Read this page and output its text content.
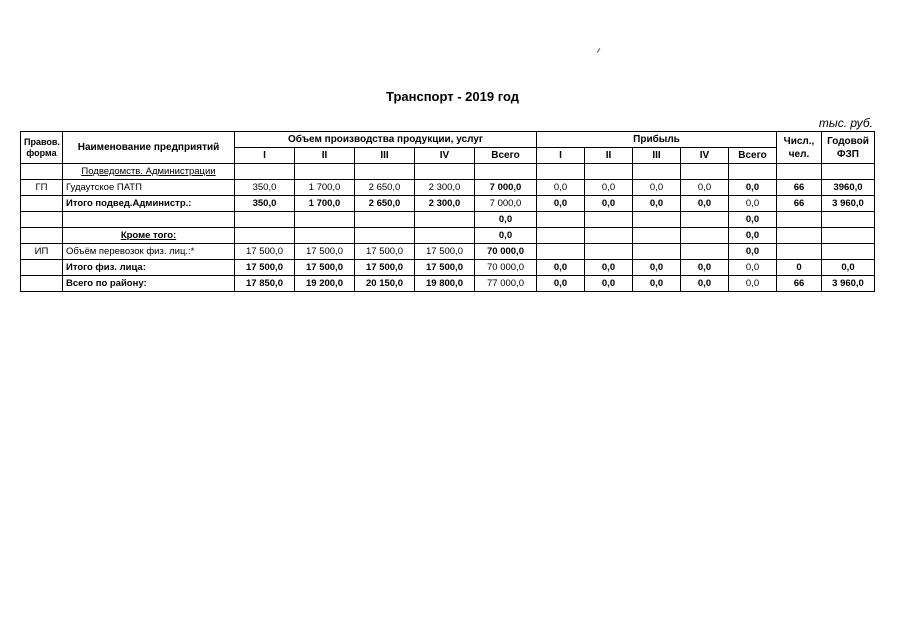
Транспорт - 2019 год
тыс. руб.
Правов. форма	Наименование предприятий	Объем производства продукции, услуг					Прибыль					Числ., чел.	Годовой ФЗП
		I	II	III	IV	Всего	I	II	III	IV	Всего		
	Подведомств. Администрации												
ГП	Гудаутское ПАТП	350,0	1 700,0	2 650,0	2 300,0	7 000,0	0,0	0,0	0,0	0,0	0,0	66	3960,0
	Итого подвед.Администр.:	350,0	1 700,0	2 650,0	2 300,0	7 000,0	0,0	0,0	0,0	0,0	0,0	66	3 960,0
						0,0					0,0		
	Кроме того:					0,0					0,0		
ИП	Объём перевозок физ. лиц.:*	17 500,0	17 500,0	17 500,0	17 500,0	70 000,0					0,0		
	Итого физ. лица:	17 500,0	17 500,0	17 500,0	17 500,0	70 000,0	0,0	0,0	0,0	0,0	0,0	0	0,0
	Всего по району:	17 850,0	19 200,0	20 150,0	19 800,0	77 000,0	0,0	0,0	0,0	0,0	0,0	66	3 960,0
